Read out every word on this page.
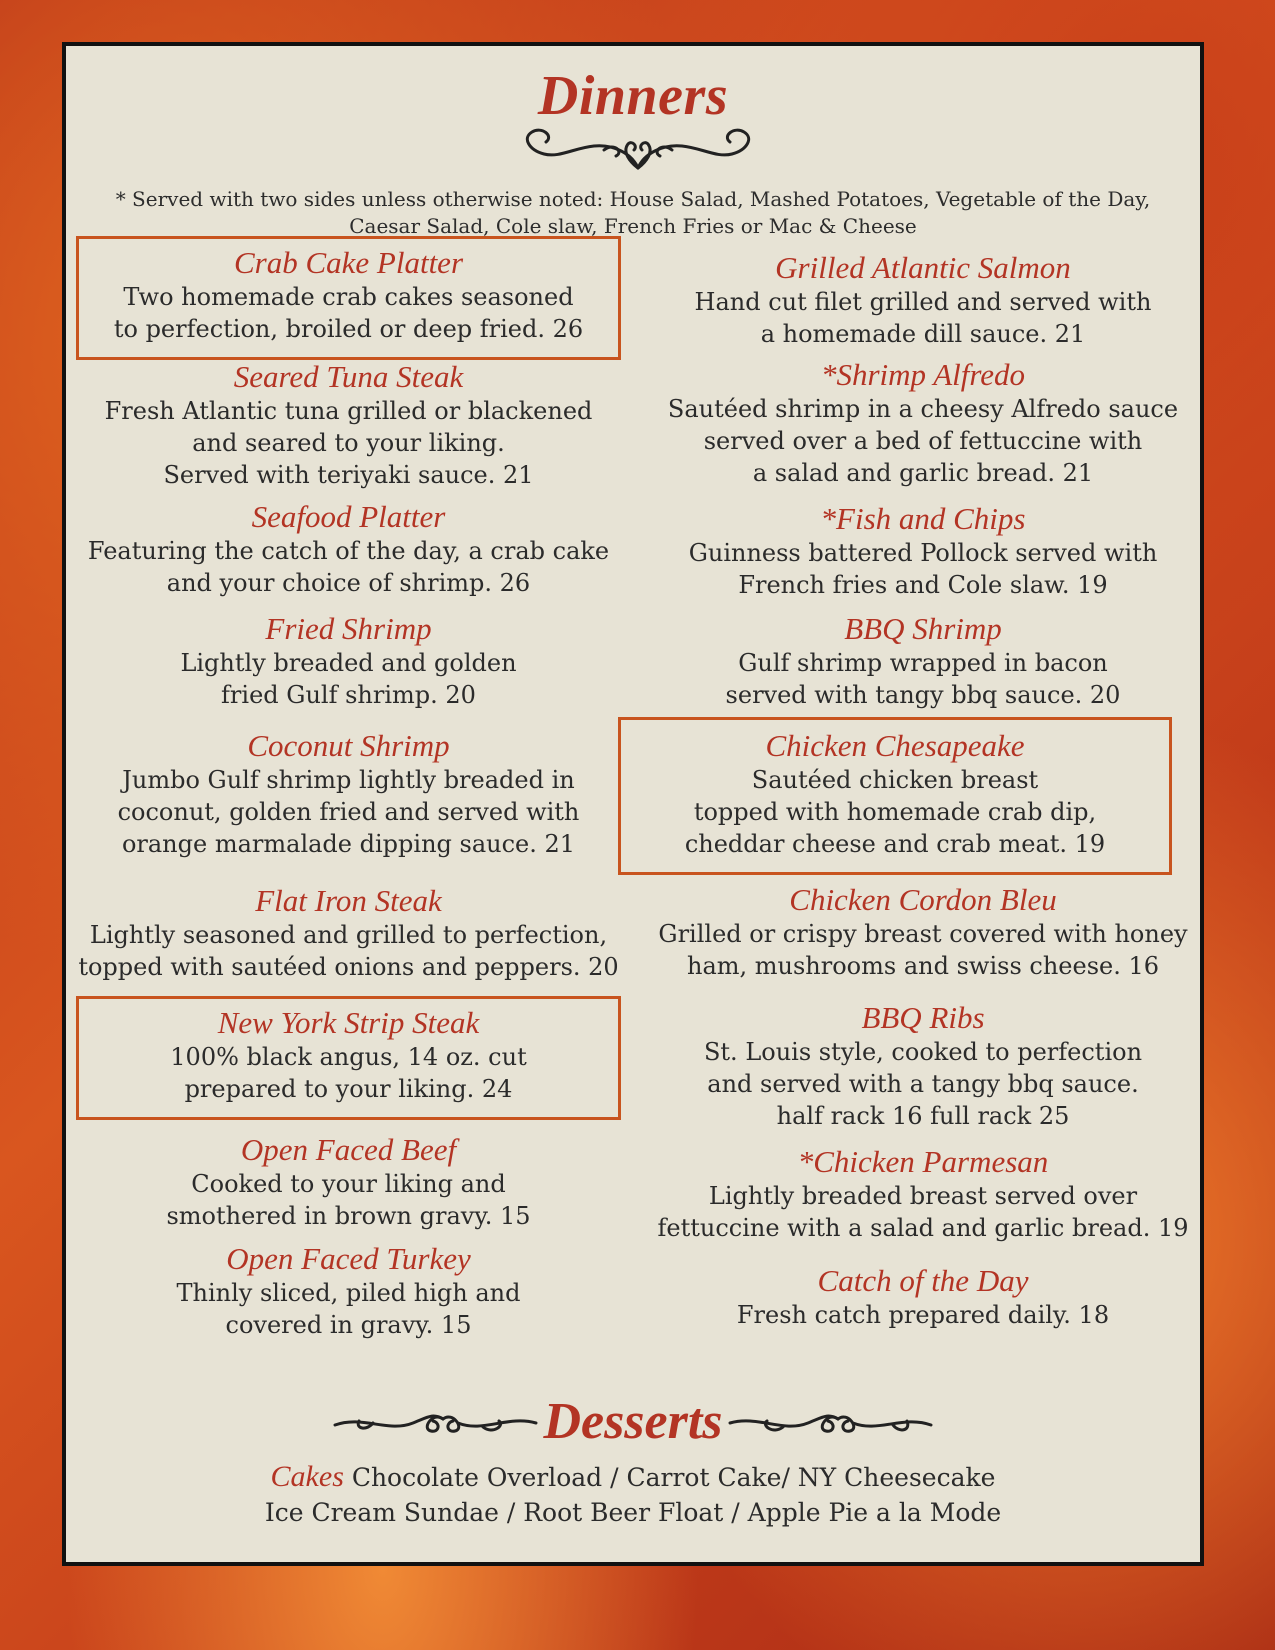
Dinners
* Served with two sides unless otherwise noted: House Salad, Mashed Potatoes, Vegetable of the Day,
Caesar Salad, Cole slaw, French Fries or Mac & Cheese
Crab Cake Platter
Two homemade crab cakes seasoned
to perfection, broiled or deep fried. 26
Seared Tuna Steak
Fresh Atlantic tuna grilled or blackened
and seared to your liking.
Served with teriyaki sauce. 21
Seafood Platter
Featuring the catch of the day, a crab cake
and your choice of shrimp. 26
Fried Shrimp
Lightly breaded and golden
fried Gulf shrimp. 20
Coconut Shrimp
Jumbo Gulf shrimp lightly breaded in
coconut, golden fried and served with
orange marmalade dipping sauce. 21
Flat Iron Steak
Lightly seasoned and grilled to perfection,
topped with sautéed onions and peppers. 20
New York Strip Steak
100% black angus, 14 oz. cut
prepared to your liking. 24
Open Faced Beef
Cooked to your liking and
smothered in brown gravy. 15
Open Faced Turkey
Thinly sliced, piled high and
covered in gravy. 15
Grilled Atlantic Salmon
Hand cut filet grilled and served with
a homemade dill sauce. 21
*Shrimp Alfredo
Sautéed shrimp in a cheesy Alfredo sauce
served over a bed of fettuccine with
a salad and garlic bread. 21
*Fish and Chips
Guinness battered Pollock served with
French fries and Cole slaw. 19
BBQ Shrimp
Gulf shrimp wrapped in bacon
served with tangy bbq sauce. 20
Chicken Chesapeake
Sautéed chicken breast
topped with homemade crab dip,
cheddar cheese and crab meat. 19
Chicken Cordon Bleu
Grilled or crispy breast covered with honey
ham, mushrooms and swiss cheese. 16
BBQ Ribs
St. Louis style, cooked to perfection
and served with a tangy bbq sauce.
half rack 16 full rack 25
*Chicken Parmesan
Lightly breaded breast served over
fettuccine with a salad and garlic bread. 19
Catch of the Day
Fresh catch prepared daily. 18
Desserts
Cakes Chocolate Overload / Carrot Cake/ NY Cheesecake
Ice Cream Sundae / Root Beer Float / Apple Pie a la Mode
